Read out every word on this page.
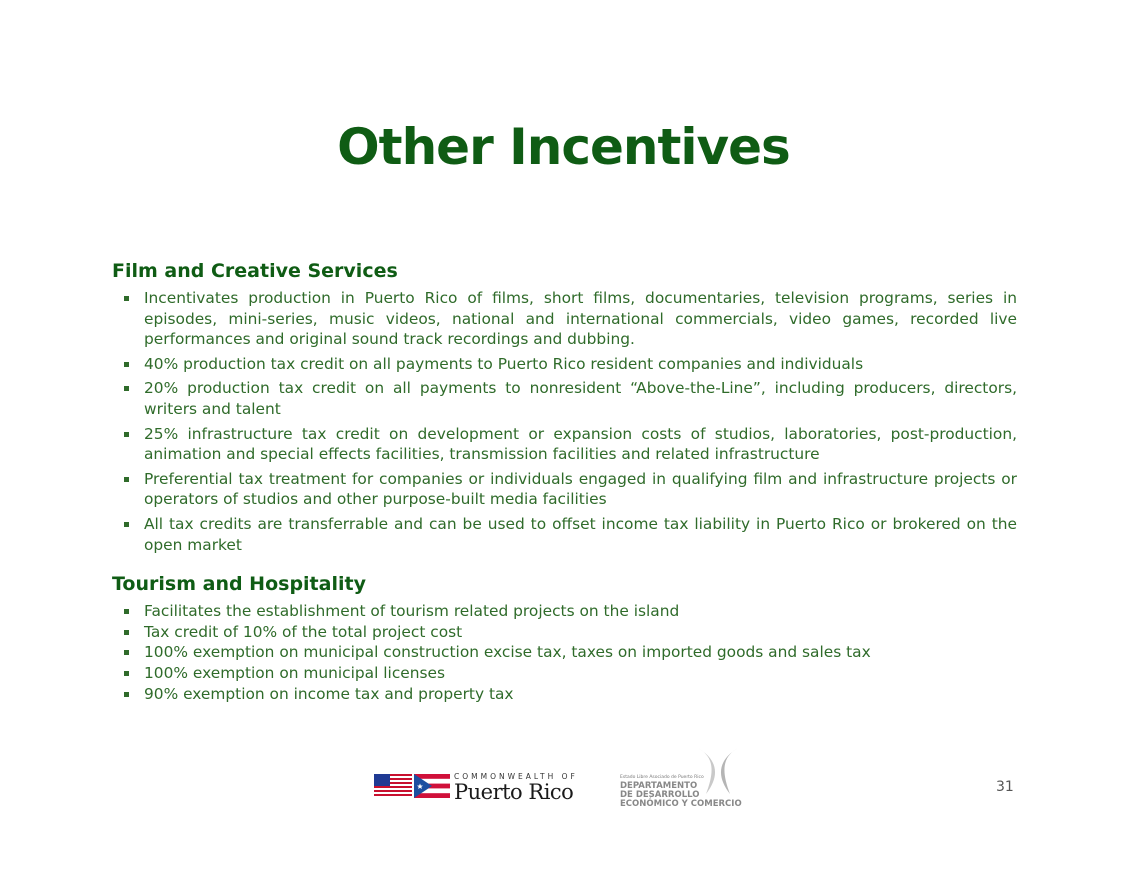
Other Incentives
Film and Creative Services
Incentivates production in Puerto Rico of films, short films, documentaries, television programs, series in episodes, mini-series, music videos, national and international commercials, video games, recorded live performances and original sound track recordings and dubbing.
40% production tax credit on all payments to Puerto Rico resident companies and individuals
20% production tax credit on all payments to nonresident “Above-the-Line”, including producers, directors, writers and talent
25% infrastructure tax credit on development or expansion costs of studios, laboratories, post-production, animation and special effects facilities, transmission facilities and related infrastructure
Preferential tax treatment for companies or individuals engaged in qualifying film and infrastructure projects or operators of studios and other purpose-built media facilities
All tax credits are transferrable and can be used to offset income tax liability in Puerto Rico or brokered on the open market
Tourism and Hospitality
Facilitates the establishment of tourism related projects on the island
Tax credit of 10% of the total project cost
100% exemption on municipal construction excise tax, taxes on imported goods and sales tax
100% exemption on municipal licenses
90% exemption on income tax and property tax
COMMONWEALTH OF
Puerto Rico
Estado Libre Asociado de Puerto Rico
DEPARTAMENTO
DE DESARROLLO
ECONÓMICO Y COMERCIO
31
